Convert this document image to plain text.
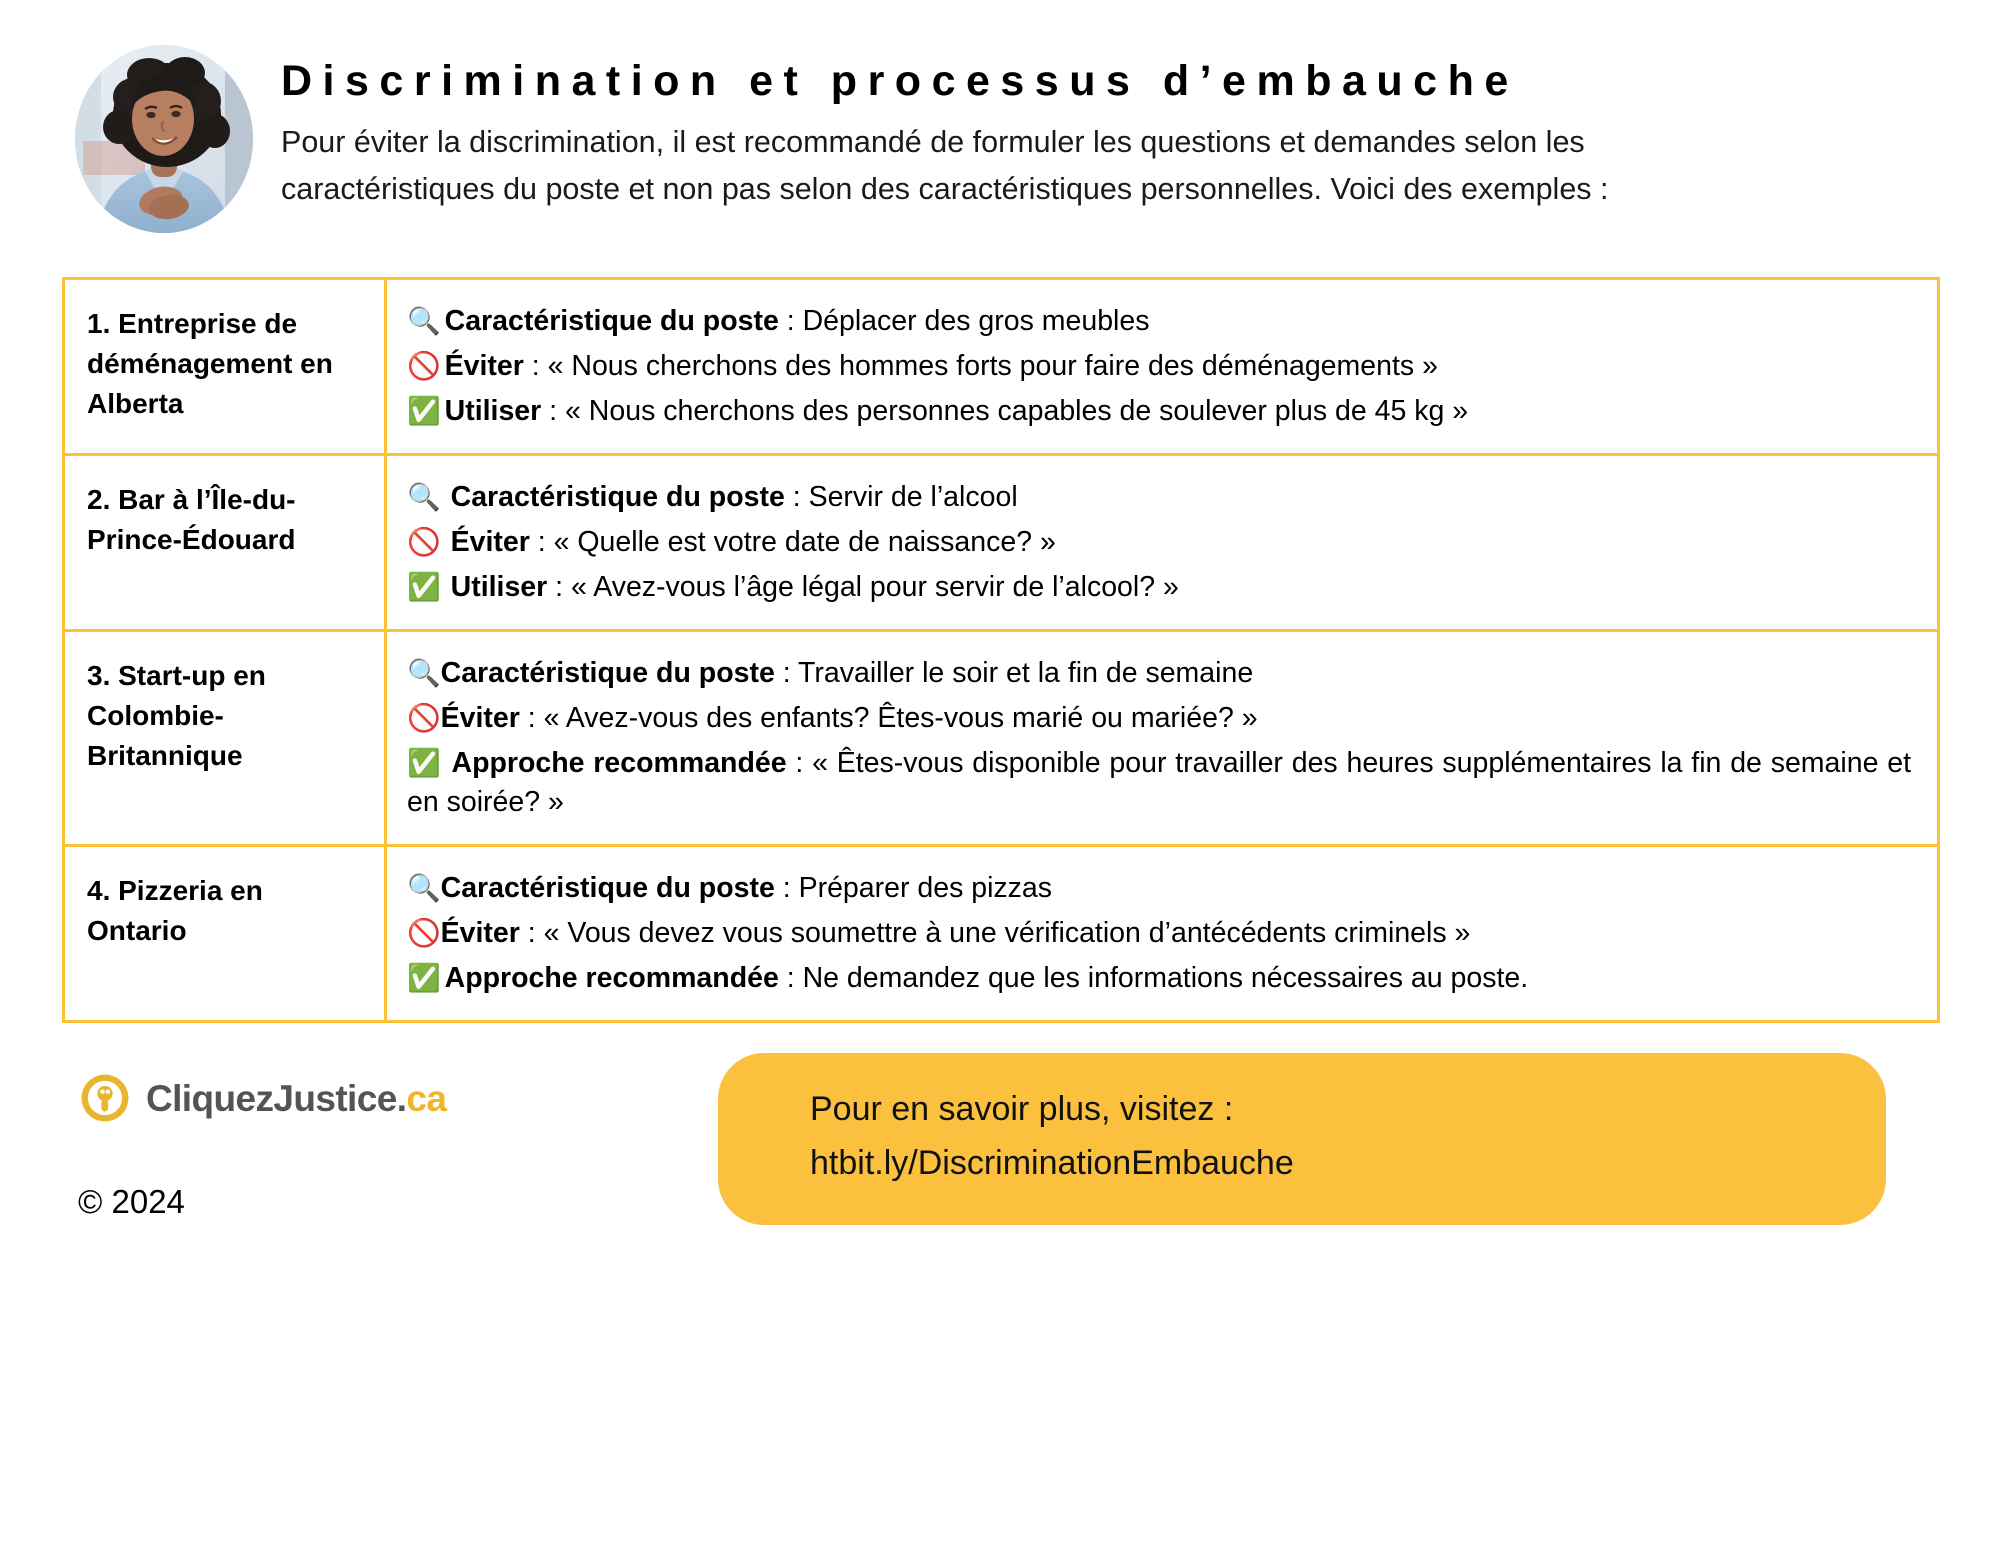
Discrimination et processus d’embauche

Pour éviter la discrimination, il est recommandé de formuler les questions et demandes selon les caractéristiques du poste et non pas selon des caractéristiques personnelles. Voici des exemples :

1. Entreprise de déménagement en Alberta

🔍 Caractéristique du poste : Déplacer des gros meubles

🚫 Éviter : « Nous cherchons des hommes forts pour faire des déménagements »

✅ Utiliser : « Nous cherchons des personnes capables de soulever plus de 45 kg »

2. Bar à l’Île-du-Prince-Édouard

🔍 Caractéristique du poste : Servir de l’alcool

🚫 Éviter : « Quelle est votre date de naissance? »

✅ Utiliser : « Avez-vous l’âge légal pour servir de l’alcool? »

3. Start-up en Colombie-Britannique

🔍Caractéristique du poste : Travailler le soir et la fin de semaine

🚫Éviter : « Avez-vous des enfants? Êtes-vous marié ou mariée? »

✅ Approche recommandée : « Êtes-vous disponible pour travailler des heures supplémentaires la fin de semaine et en soirée? »

4. Pizzeria en Ontario

🔍Caractéristique du poste : Préparer des pizzas

🚫Éviter : « Vous devez vous soumettre à une vérification d’antécédents criminels »

✅ Approche recommandée : Ne demandez que les informations nécessaires au poste.

CliquezJustice.ca
© 2024
Pour en savoir plus, visitez :
htbit.ly/DiscriminationEmbauche
